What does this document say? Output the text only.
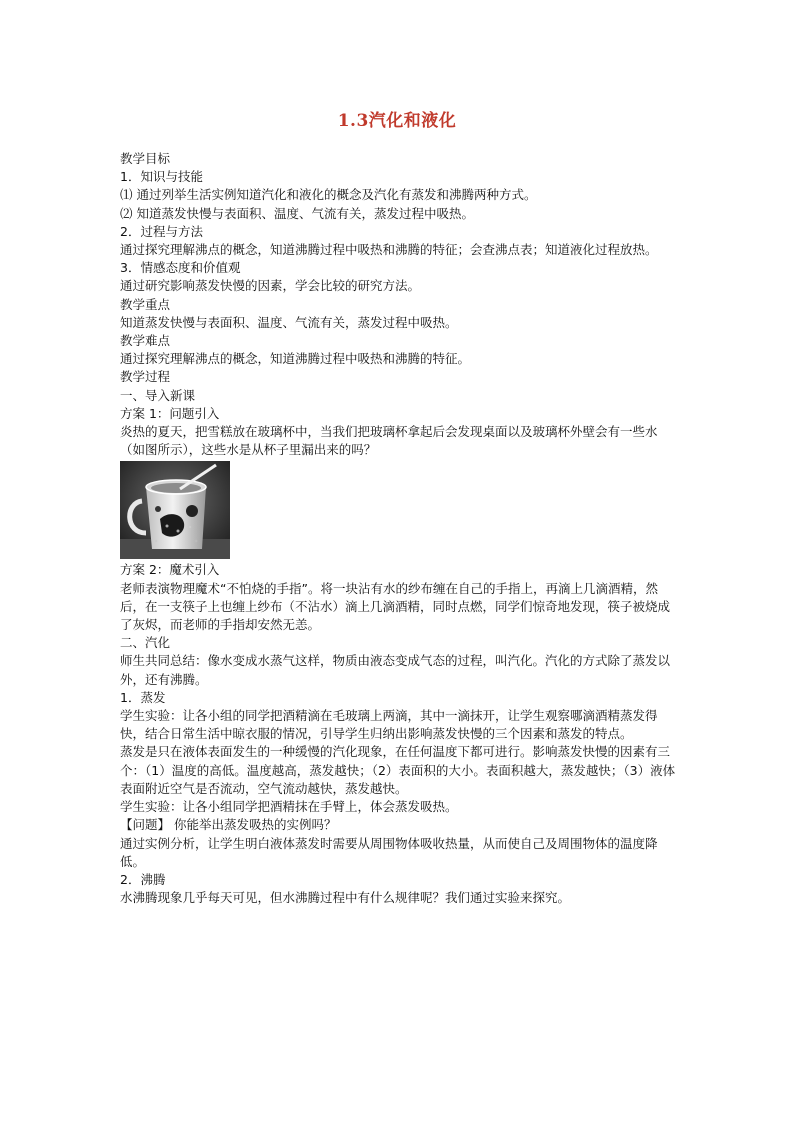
1.3汽化和液化

教学目标

1．知识与技能

⑴ 通过列举生活实例知道汽化和液化的概念及汽化有蒸发和沸腾两种方式。

⑵ 知道蒸发快慢与表面积、温度、气流有关，蒸发过程中吸热。

2．过程与方法

通过探究理解沸点的概念，知道沸腾过程中吸热和沸腾的特征；会查沸点表；知道液化过程放热。

3．情感态度和价值观

通过研究影响蒸发快慢的因素，学会比较的研究方法。

教学重点

知道蒸发快慢与表面积、温度、气流有关，蒸发过程中吸热。

教学难点

通过探究理解沸点的概念，知道沸腾过程中吸热和沸腾的特征。

教学过程

一、导入新课

方案 1：问题引入

炎热的夏天，把雪糕放在玻璃杯中，当我们把玻璃杯拿起后会发现桌面以及玻璃杯外壁会有一些水（如图所示），这些水是从杯子里漏出来的吗？

方案 2：魔术引入

老师表演物理魔术“不怕烧的手指”。将一块沾有水的纱布缠在自己的手指上，再滴上几滴酒精，然后，在一支筷子上也缠上纱布（不沾水）滴上几滴酒精，同时点燃，同学们惊奇地发现，筷子被烧成了灰烬，而老师的手指却安然无恙。

二、汽化

师生共同总结：像水变成水蒸气这样，物质由液态变成气态的过程，叫汽化。汽化的方式除了蒸发以外，还有沸腾。

1．蒸发

学生实验：让各小组的同学把酒精滴在毛玻璃上两滴，其中一滴抹开，让学生观察哪滴酒精蒸发得快，结合日常生活中晾衣服的情况，引导学生归纳出影响蒸发快慢的三个因素和蒸发的特点。

蒸发是只在液体表面发生的一种缓慢的汽化现象，在任何温度下都可进行。影响蒸发快慢的因素有三个：（1）温度的高低。温度越高，蒸发越快；（2）表面积的大小。表面积越大，蒸发越快；（3）液体表面附近空气是否流动，空气流动越快，蒸发越快。

学生实验：让各小组同学把酒精抹在手臂上，体会蒸发吸热。

【问题】 你能举出蒸发吸热的实例吗？

通过实例分析，让学生明白液体蒸发时需要从周围物体吸收热量，从而使自己及周围物体的温度降低。

2．沸腾

水沸腾现象几乎每天可见，但水沸腾过程中有什么规律呢？我们通过实验来探究。
